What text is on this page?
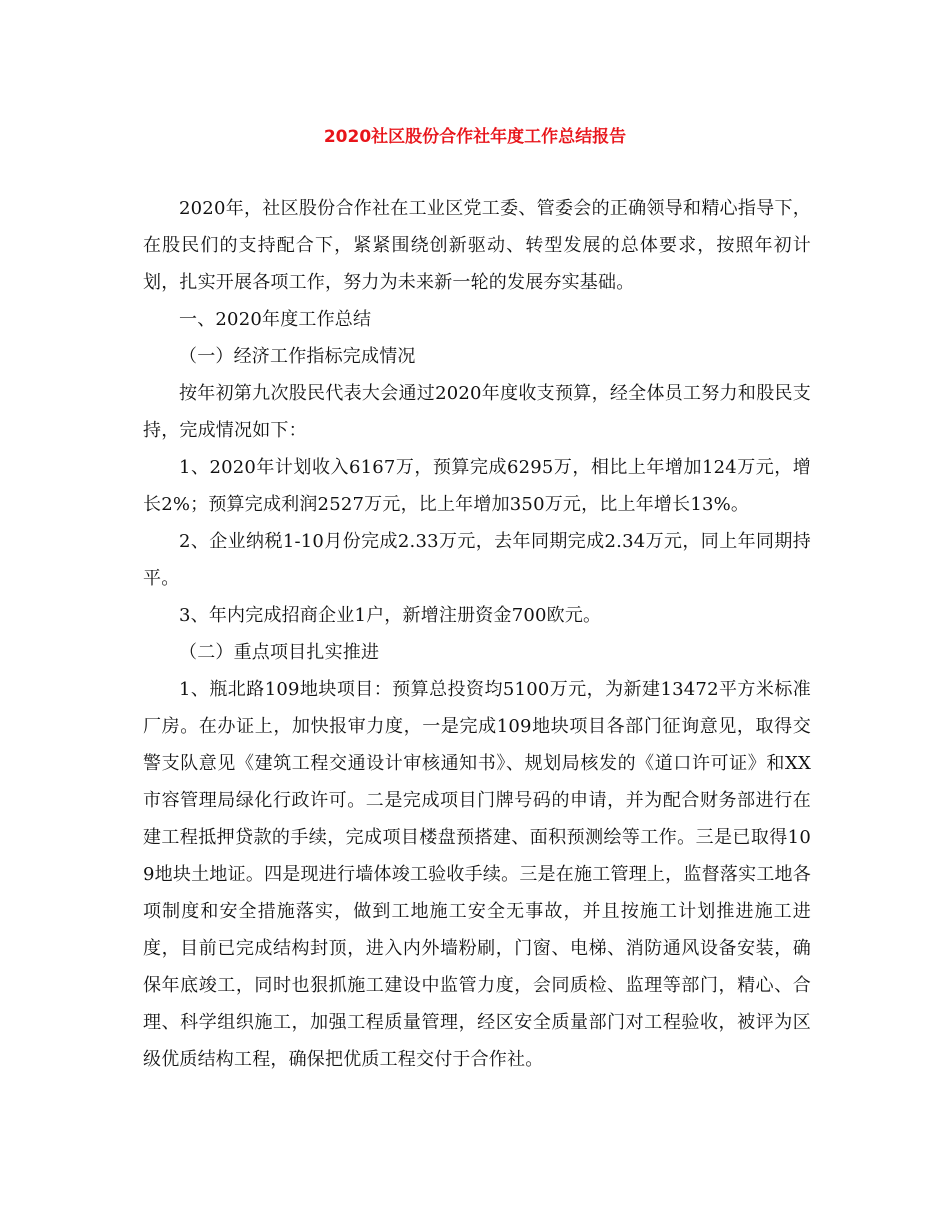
2020社区股份合作社年度工作总结报告

2020年，社区股份合作社在工业区党工委、管委会的正确领导和精心指导下，在股民们的支持配合下，紧紧围绕创新驱动、转型发展的总体要求，按照年初计划，扎实开展各项工作，努力为未来新一轮的发展夯实基础。

一、2020年度工作总结

（一）经济工作指标完成情况

按年初第九次股民代表大会通过2020年度收支预算，经全体员工努力和股民支持，完成情况如下：

1、2020年计划收入6167万，预算完成6295万，相比上年增加124万元，增长2%；预算完成利润2527万元，比上年增加350万元，比上年增长13%。

2、企业纳税1-10月份完成2.33万元，去年同期完成2.34万元，同上年同期持平。

3、年内完成招商企业1户，新增注册资金700欧元。

（二）重点项目扎实推进

1、瓶北路109地块项目：预算总投资均5100万元，为新建13472平方米标准厂房。在办证上，加快报审力度，一是完成109地块项目各部门征询意见，取得交警支队意见《建筑工程交通设计审核通知书》、规划局核发的《道口许可证》和XX市容管理局绿化行政许可。二是完成项目门牌号码的申请，并为配合财务部进行在建工程抵押贷款的手续，完成项目楼盘预搭建、面积预测绘等工作。三是已取得109地块土地证。四是现进行墙体竣工验收手续。三是在施工管理上，监督落实工地各项制度和安全措施落实，做到工地施工安全无事故，并且按施工计划推进施工进度，目前已完成结构封顶，进入内外墙粉刷，门窗、电梯、消防通风设备安装，确保年底竣工，同时也狠抓施工建设中监管力度，会同质检、监理等部门，精心、合理、科学组织施工，加强工程质量管理，经区安全质量部门对工程验收，被评为区级优质结构工程，确保把优质工程交付于合作社。
